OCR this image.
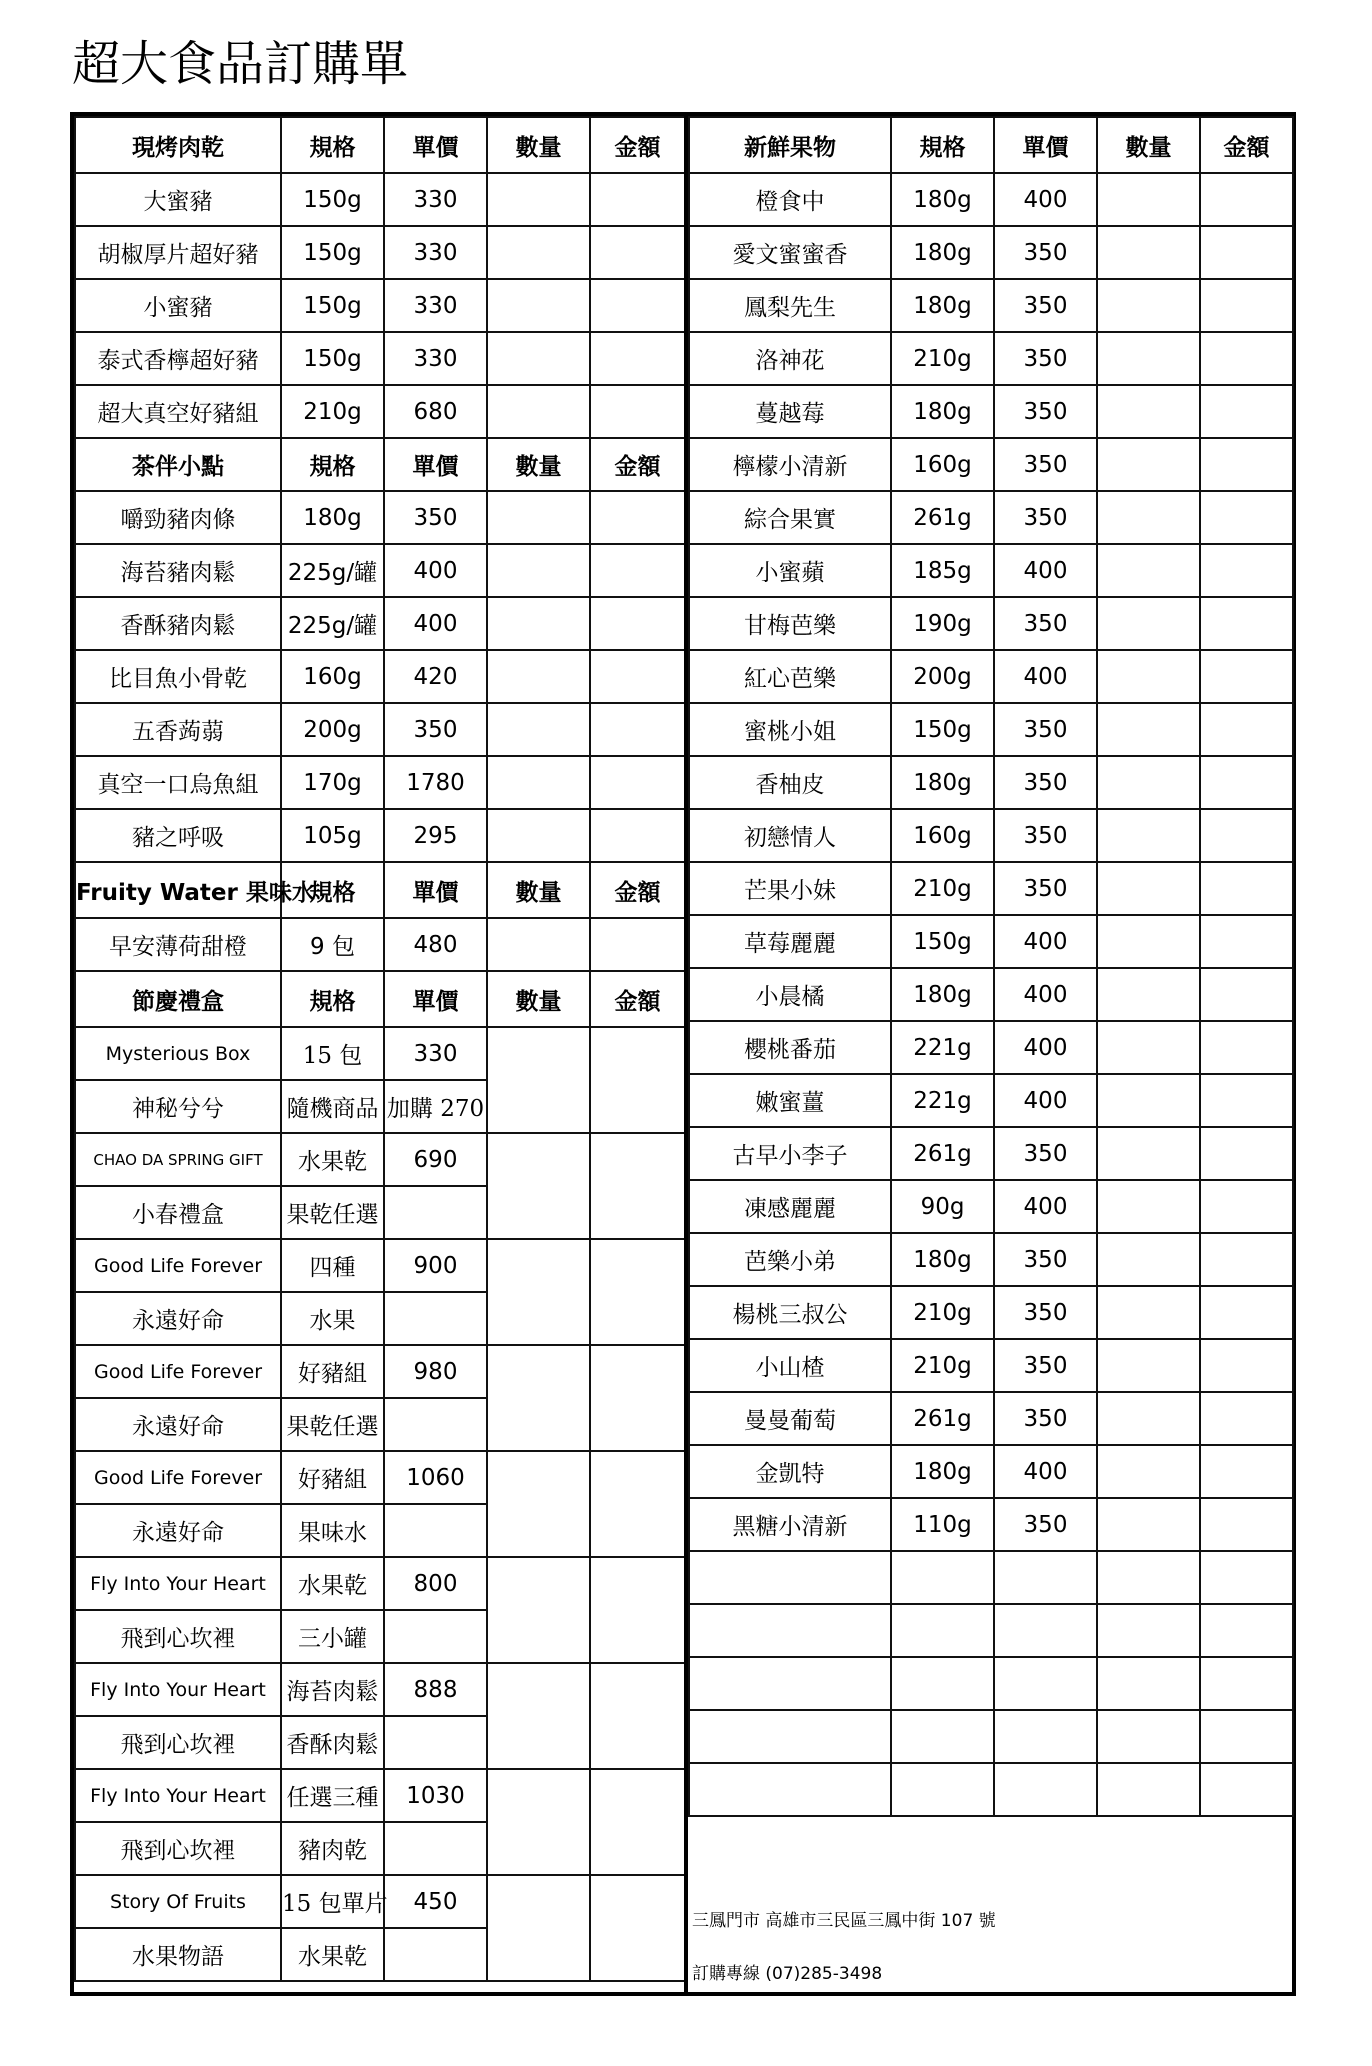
超大食品訂購單
現烤肉乾	規格	單價	數量	金額
大蜜豬	150g	330		
胡椒厚片超好豬	150g	330		
小蜜豬	150g	330		
泰式香檸超好豬	150g	330		
超大真空好豬組	210g	680		
茶伴小點	規格	單價	數量	金額
嚼勁豬肉條	180g	350		
海苔豬肉鬆	225g/罐	400		
香酥豬肉鬆	225g/罐	400		
比目魚小骨乾	160g	420		
五香蒟蒻	200g	350		
真空一口烏魚組	170g	1780		
豬之呼吸	105g	295		
Fruity Water 果味水	規格	單價	數量	金額
早安薄荷甜橙	9 包	480		
節慶禮盒	規格	單價	數量	金額
Mysterious Box	15 包	330		
神秘兮兮	隨機商品	加購 270		
CHAO DA SPRING GIFT	水果乾	690		
小春禮盒	果乾任選			
Good Life Forever	四種	900		
永遠好命	水果			
Good Life Forever	好豬組	980		
永遠好命	果乾任選			
Good Life Forever	好豬組	1060		
永遠好命	果味水			
Fly Into Your Heart	水果乾	800		
飛到心坎裡	三小罐			
Fly Into Your Heart	海苔肉鬆	888		
飛到心坎裡	香酥肉鬆			
Fly Into Your Heart	任選三種	1030		
飛到心坎裡	豬肉乾			
Story Of Fruits	15 包單片	450		
水果物語	水果乾			
新鮮果物	規格	單價	數量	金額
橙食中	180g	400		
愛文蜜蜜香	180g	350		
鳳梨先生	180g	350		
洛神花	210g	350		
蔓越莓	180g	350		
檸檬小清新	160g	350		
綜合果實	261g	350		
小蜜蘋	185g	400		
甘梅芭樂	190g	350		
紅心芭樂	200g	400		
蜜桃小姐	150g	350		
香柚皮	180g	350		
初戀情人	160g	350		
芒果小妹	210g	350		
草莓麗麗	150g	400		
小晨橘	180g	400		
櫻桃番茄	221g	400		
嫩蜜薑	221g	400		
古早小李子	261g	350		
凍感麗麗	90g	400		
芭樂小弟	180g	350		
楊桃三叔公	210g	350		
小山楂	210g	350		
曼曼葡萄	261g	350		
金凱特	180g	400		
黑糖小清新	110g	350		

三鳳門市 高雄市三民區三鳳中街 107 號
訂購專線 (07)285-3498
